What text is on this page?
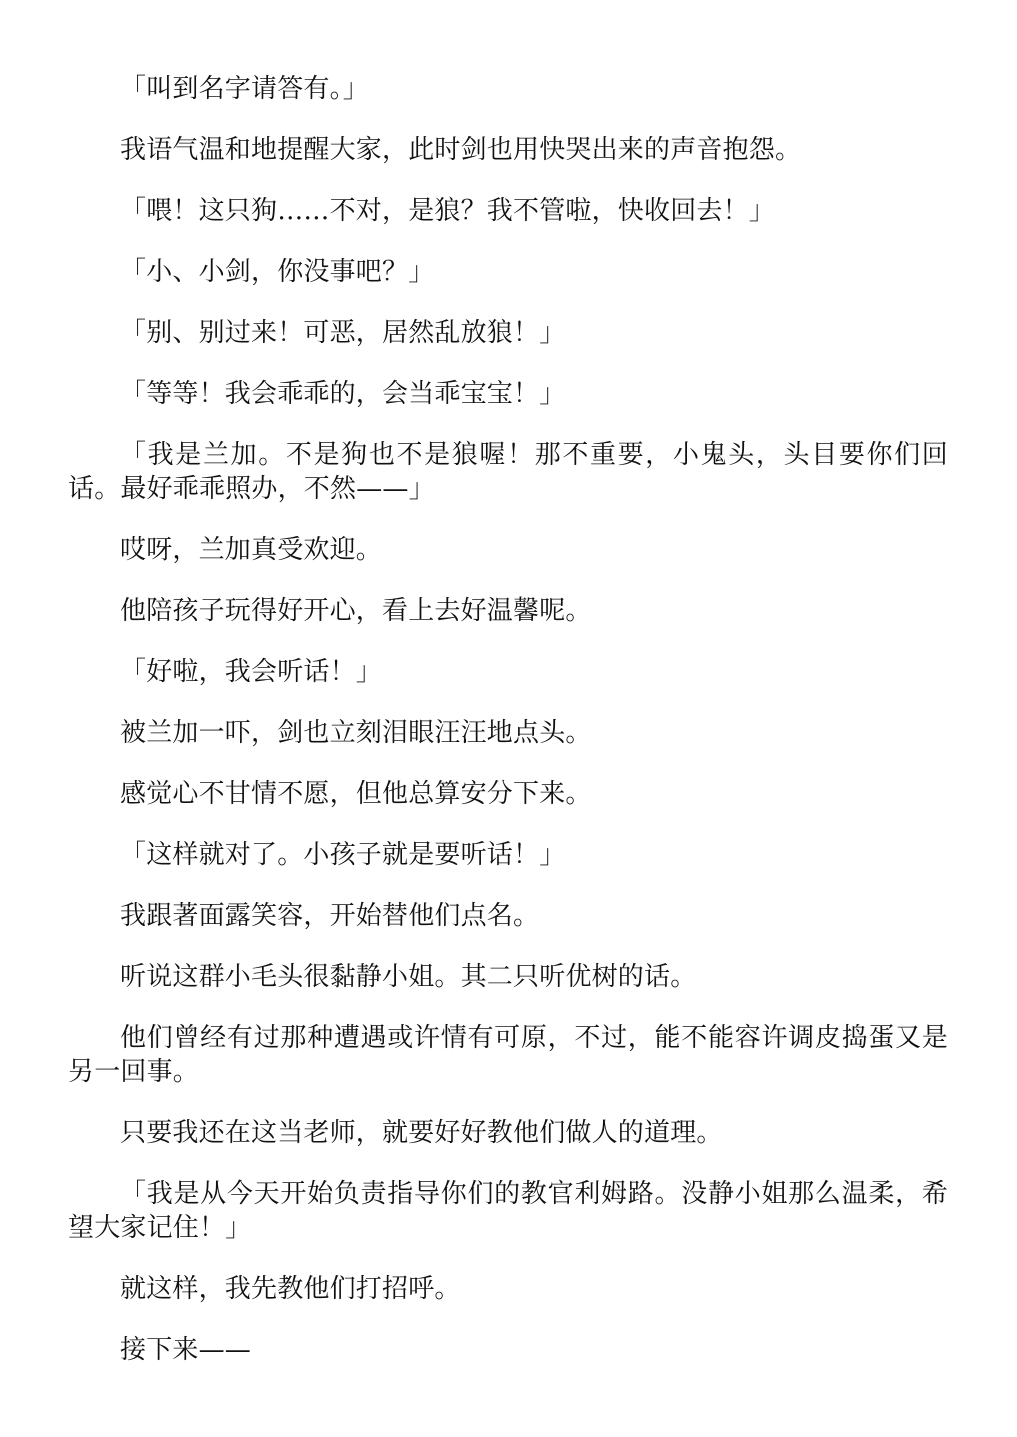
「叫到名字请答有。」

我语气温和地提醒大家，此时剑也用快哭出来的声音抱怨。

「喂！这只狗……不对，是狼？我不管啦，快收回去！」

「小、小剑，你没事吧？」

「别、别过来！可恶，居然乱放狼！」

「等等！我会乖乖的，会当乖宝宝！」

「我是兰加。不是狗也不是狼喔！那不重要，小鬼头，头目要你们回话。最好乖乖照办，不然——」

哎呀，兰加真受欢迎。

他陪孩子玩得好开心，看上去好温馨呢。

「好啦，我会听话！」

被兰加一吓，剑也立刻泪眼汪汪地点头。

感觉心不甘情不愿，但他总算安分下来。

「这样就对了。小孩子就是要听话！」

我跟著面露笑容，开始替他们点名。

听说这群小毛头很黏静小姐。其二只听优树的话。

他们曾经有过那种遭遇或许情有可原，不过，能不能容许调皮捣蛋又是另一回事。

只要我还在这当老师，就要好好教他们做人的道理。

「我是从今天开始负责指导你们的教官利姆路。没静小姐那么温柔，希望大家记住！」

就这样，我先教他们打招呼。

接下来——
